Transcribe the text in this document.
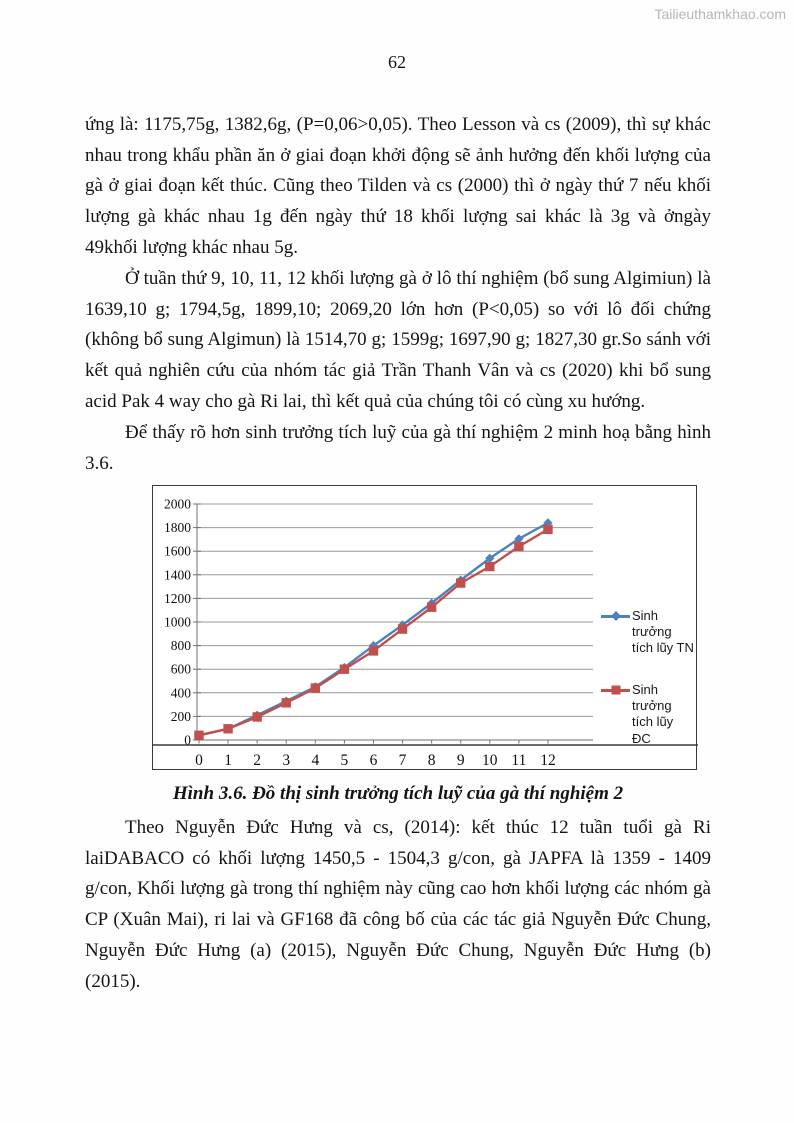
Tailieuthamkhao.com
62

ứng là: 1175,75g, 1382,6g, (P=0,06>0,05). Theo Lesson và cs (2009), thì sự khác nhau trong khẩu phần ăn ở giai đoạn khởi động sẽ ảnh hưởng đến khối lượng của gà ở giai đoạn kết thúc. Cũng theo Tilden và cs (2000) thì ở ngày thứ 7 nếu khối lượng gà khác nhau 1g đến ngày thứ 18 khối lượng sai khác là 3g và ởngày 49khối lượng khác nhau 5g.

Ở tuần thứ 9, 10, 11, 12 khối lượng gà ở lô thí nghiệm (bổ sung Algimiun) là 1639,10 g; 1794,5g, 1899,10; 2069,20 lớn hơn (P<0,05) so với lô đối chứng (không bổ sung Algimun) là 1514,70 g; 1599g; 1697,90 g; 1827,30 gr.So sánh với kết quả nghiên cứu của nhóm tác giả Trần Thanh Vân và cs (2020) khi bổ sung acid Pak 4 way cho gà Ri lai, thì kết quả của chúng tôi có cùng xu hướng.

Để thấy rõ hơn sinh trưởng tích luỹ của gà thí nghiệm 2 minh hoạ bằng hình 3.6.

0
200
400
600
800
1000
1200
1400
1600
1800
2000
0 1 2 3 4 5 6 7 8 9 10 11 12
Sinh trưởng tích lũy TN
Sinh trưởng tích lũy ĐC

Hình 3.6. Đồ thị sinh trưởng tích luỹ của gà thí nghiệm 2

Theo Nguyễn Đức Hưng và cs, (2014): kết thúc 12 tuần tuổi gà Ri laiDABACO có khối lượng 1450,5 - 1504,3 g/con, gà JAPFA là 1359 - 1409 g/con, Khối lượng gà trong thí nghiệm này cũng cao hơn khối lượng các nhóm gà CP (Xuân Mai), ri lai và GF168 đã công bố của các tác giả Nguyễn Đức Chung, Nguyễn Đức Hưng (a) (2015), Nguyễn Đức Chung, Nguyễn Đức Hưng (b) (2015).
